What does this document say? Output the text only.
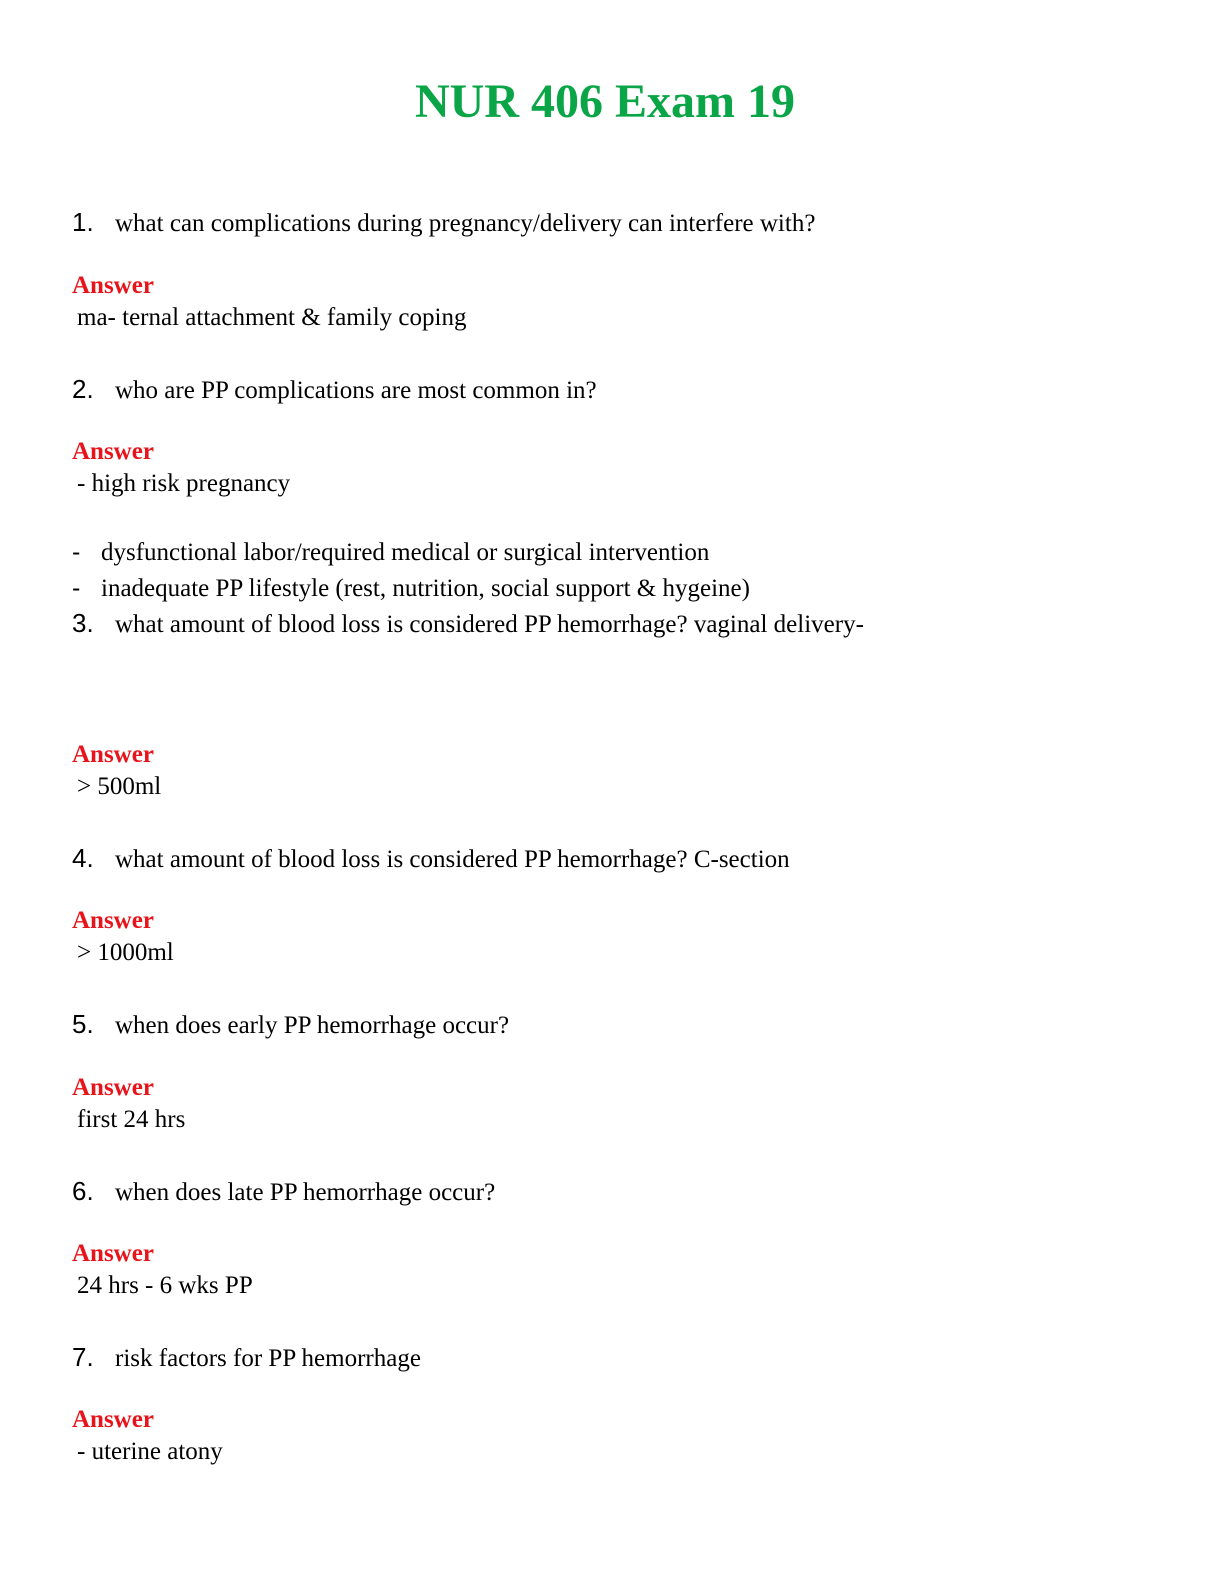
NUR 406 Exam 19
1. what can complications during pregnancy/delivery can interfere with?
Answer
ma- ternal attachment & family coping
2. who are PP complications are most common in?
Answer
- high risk pregnancy
- dysfunctional labor/required medical or surgical intervention
- inadequate PP lifestyle (rest, nutrition, social support & hygeine)
3. what amount of blood loss is considered PP hemorrhage? vaginal delivery-
Answer
> 500ml
4. what amount of blood loss is considered PP hemorrhage? C-section
Answer
> 1000ml
5. when does early PP hemorrhage occur?
Answer
first 24 hrs
6. when does late PP hemorrhage occur?
Answer
24 hrs - 6 wks PP
7. risk factors for PP hemorrhage
Answer
- uterine atony
